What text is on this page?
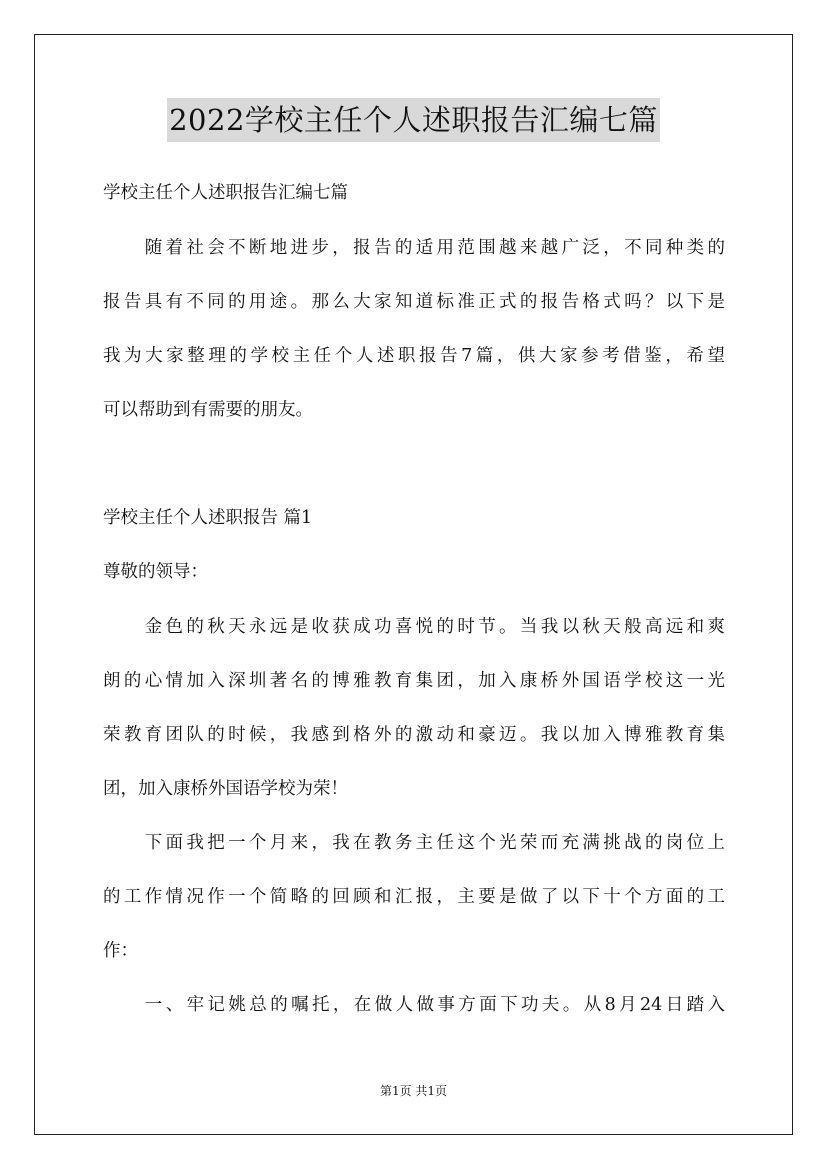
2022学校主任个人述职报告汇编七篇
学校主任个人述职报告汇编七篇
　　随着社会不断地进步，报告的适用范围越来越广泛，不同种类的
报告具有不同的用途。那么大家知道标准正式的报告格式吗？以下是
我为大家整理的学校主任个人述职报告7篇，供大家参考借鉴，希望
可以帮助到有需要的朋友。
学校主任个人述职报告 篇1
尊敬的领导：
　　金色的秋天永远是收获成功喜悦的时节。当我以秋天般高远和爽
朗的心情加入深圳著名的博雅教育集团，加入康桥外国语学校这一光
荣教育团队的时候，我感到格外的激动和豪迈。我以加入博雅教育集
团，加入康桥外国语学校为荣！
　　下面我把一个月来，我在教务主任这个光荣而充满挑战的岗位上
的工作情况作一个简略的回顾和汇报，主要是做了以下十个方面的工
作：
　　一、牢记姚总的嘱托，在做人做事方面下功夫。从8月24日踏入
第1页 共1页
